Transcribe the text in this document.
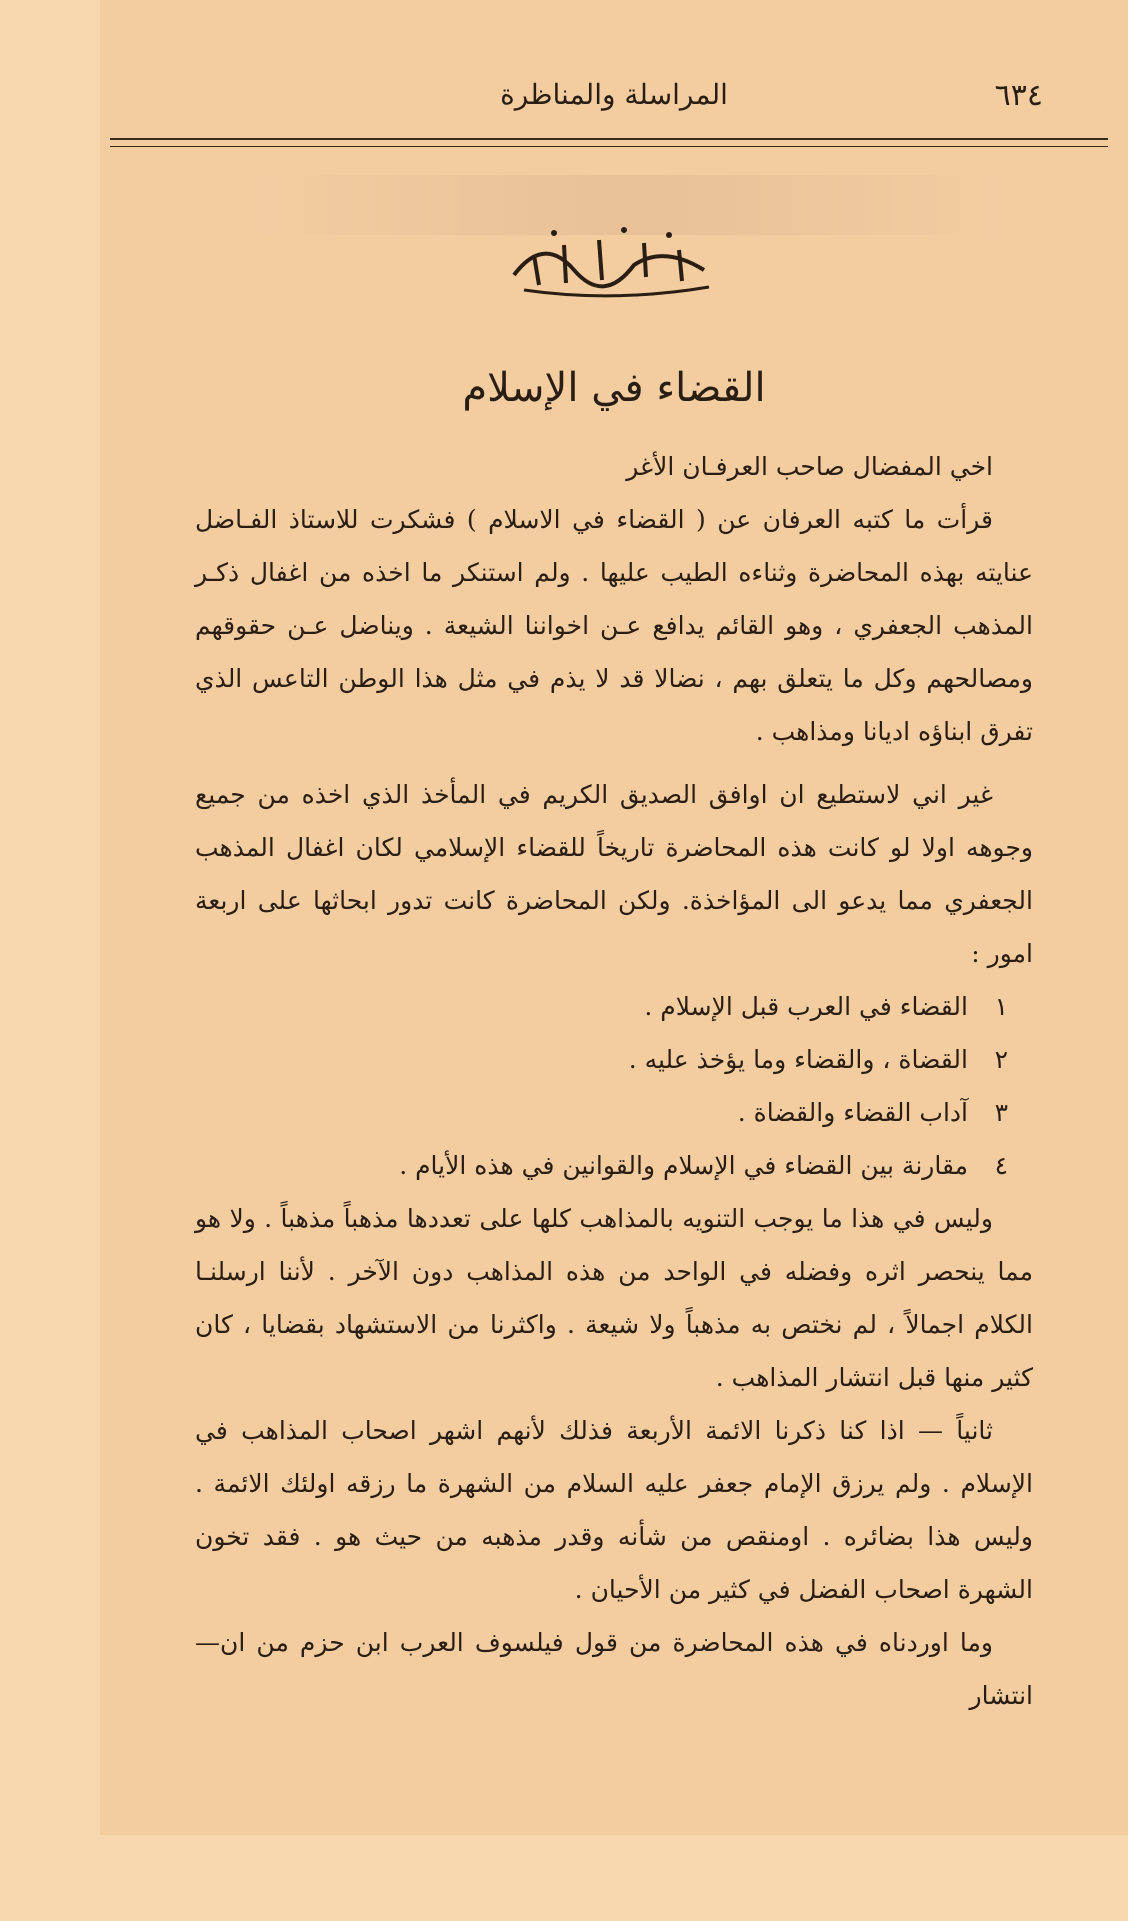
٦٣٤
المراسلة والمناظرة
القضاء في الإسلام

اخي المفضال صاحب العرفـان الأغر

قرأت ما كتبه العرفان عن ( القضاء في الاسلام ) فشكرت للاستاذ الفـاضل عنايته بهذه المحاضرة وثناءه الطيب عليها . ولم استنكر ما اخذه من اغفال ذكـر المذهب الجعفري ، وهو القائم يدافع عـن اخواننا الشيعة . ويناضل عـن حقوقهم ومصالحهم وكل ما يتعلق بهم ، نضالا قد لا يذم في مثل هذا الوطن التاعس الذي تفرق ابناؤه اديانا ومذاهب .

غير اني لاستطيع ان اوافق الصديق الكريم في المأخذ الذي اخذه من جميع وجوهه اولا لو كانت هذه المحاضرة تاريخاً للقضاء الإسلامي لكان اغفال المذهب الجعفري مما يدعو الى المؤاخذة. ولكن المحاضرة كانت تدور ابحاثها على اربعة امور :

١القضاء في العرب قبل الإسلام .
٢القضاة ، والقضاء وما يؤخذ عليه .
٣آداب القضاء والقضاة .
٤مقارنة بين القضاء في الإسلام والقوانين في هذه الأيام .

وليس في هذا ما يوجب التنويه بالمذاهب كلها على تعددها مذهباً مذهباً . ولا هو مما ينحصر اثره وفضله في الواحد من هذه المذاهب دون الآخر . لأننا ارسلنـا الكلام اجمالاً ، لم نختص به مذهباً ولا شيعة . واكثرنا من الاستشهاد بقضايا ، كان كثير منها قبل انتشار المذاهب .

ثانياً — اذا كنا ذكرنا الائمة الأربعة فذلك لأنهم اشهر اصحاب المذاهب في الإسلام . ولم يرزق الإمام جعفر عليه السلام من الشهرة ما رزقه اولئك الائمة . وليس هذا بضائره . اومنقص من شأنه وقدر مذهبه من حيث هو . فقد تخون الشهرة اصحاب الفضل في كثير من الأحيان .

وما اوردناه في هذه المحاضرة من قول فيلسوف العرب ابن حزم من ان—انتشار
